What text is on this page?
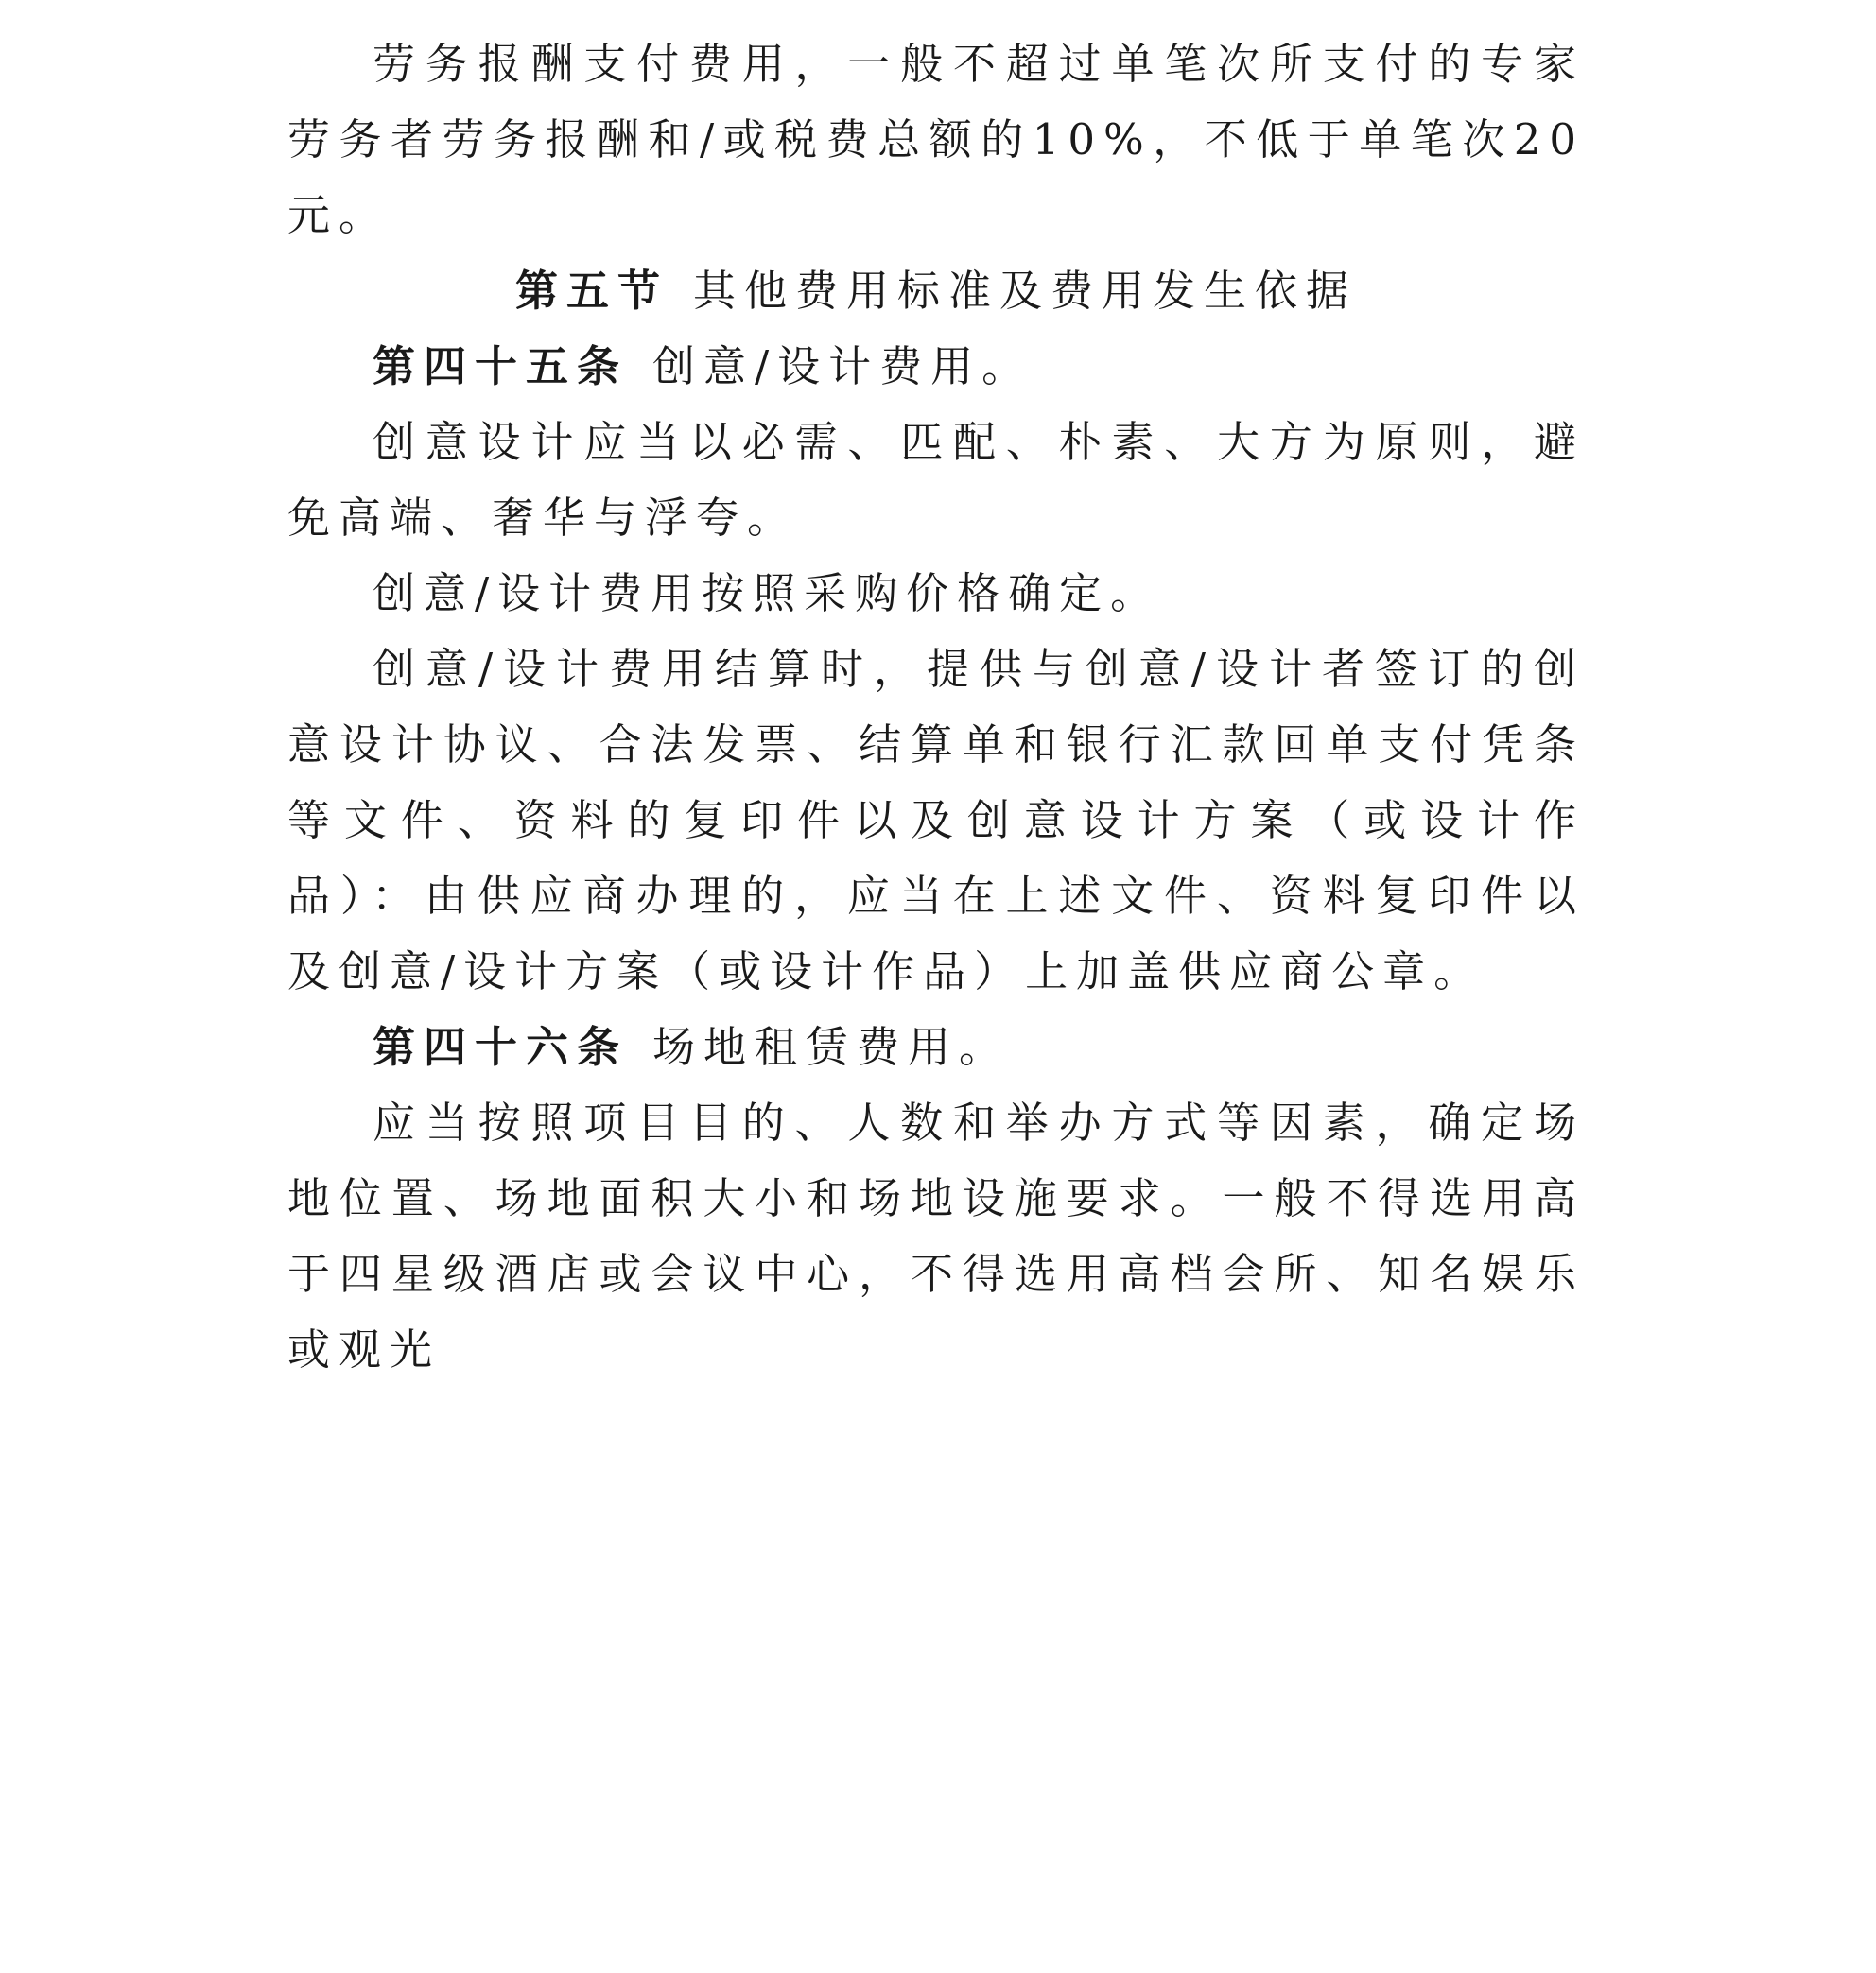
劳务报酬支付费用，一般不超过单笔次所支付的专家劳务者劳务报酬和/或税费总额的10%，不低于单笔次20元。

第五节 其他费用标准及费用发生依据

第四十五条 创意/设计费用。

创意设计应当以必需、匹配、朴素、大方为原则，避免高端、奢华与浮夸。

创意/设计费用按照采购价格确定。

创意/设计费用结算时，提供与创意/设计者签订的创意设计协议、合法发票、结算单和银行汇款回单支付凭条等文件、资料的复印件以及创意设计方案（或设计作品）：由供应商办理的，应当在上述文件、资料复印件以及创意/设计方案（或设计作品）上加盖供应商公章。

第四十六条 场地租赁费用。

应当按照项目目的、人数和举办方式等因素，确定场地位置、场地面积大小和场地设施要求。一般不得选用高于四星级酒店或会议中心，不得选用高档会所、知名娱乐或观光
